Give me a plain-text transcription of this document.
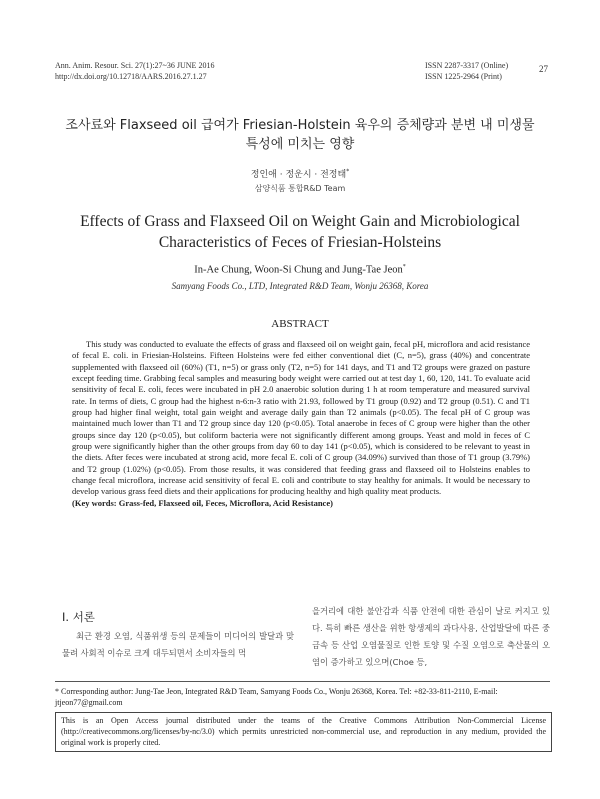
Ann. Anim. Resour. Sci. 27(1):27~36 JUNE 2016
http://dx.doi.org/10.12718/AARS.2016.27.1.27
ISSN 2287-3317 (Online)
ISSN 1225-2964 (Print)
27
조사료와 Flaxseed oil 급여가 Friesian-Holstein 육우의 증체량과 분변 내 미생물
특성에 미치는 영향
정인애 · 정운시 · 전정태*
삼양식품 통합R&D Team
Effects of Grass and Flaxseed Oil on Weight Gain and Microbiological
Characteristics of Feces of Friesian-Holsteins
In-Ae Chung, Woon-Si Chung and Jung-Tae Jeon*
Samyang Foods Co., LTD, Integrated R&D Team, Wonju 26368, Korea
ABSTRACT

This study was conducted to evaluate the effects of grass and flaxseed oil on weight gain, fecal pH, microflora and acid resistance of fecal E. coli. in Friesian-Holsteins. Fifteen Holsteins were fed either conventional diet (C, n=5), grass (40%) and concentrate supplemented with flaxseed oil (60%) (T1, n=5) or grass only (T2, n=5) for 141 days, and T1 and T2 groups were grazed on pasture except feeding time. Grabbing fecal samples and measuring body weight were carried out at test day 1, 60, 120, 141. To evaluate acid sensitivity of fecal E. coli, feces were incubated in pH 2.0 anaerobic solution during 1 h at room temperature and measured survival rate. In terms of diets, C group had the highest n-6:n-3 ratio with 21.93, followed by T1 group (0.92) and T2 group (0.51). C and T1 group had higher final weight, total gain weight and average daily gain than T2 animals (p<0.05). The fecal pH of C group was maintained much lower than T1 and T2 group since day 120 (p<0.05). Total anaerobe in feces of C group were higher than the other groups since day 120 (p<0.05), but coliform bacteria were not significantly different among groups. Yeast and mold in feces of C group were significantly higher than the other groups from day 60 to day 141 (p<0.05), which is considered to be relevant to yeast in the diets. After feces were incubated at strong acid, more fecal E. coli of C group (34.09%) survived than those of T1 group (3.79%) and T2 group (1.02%) (p<0.05). From those results, it was considered that feeding grass and flaxseed oil to Holsteins enables to change fecal microflora, increase acid sensitivity of fecal E. coli and contribute to stay healthy for animals. It would be necessary to develop various grass feed diets and their applications for producing healthy and high quality meat products.

(Key words: Grass-fed, Flaxseed oil, Feces, Microflora, Acid Resistance)

Ⅰ. 서론

최근 환경 오염, 식품위생 등의 문제들이 미디어의 발달과 맞물려 사회적 이슈로 크게 대두되면서 소비자들의 먹

을거리에 대한 불안감과 식품 안전에 대한 관심이 날로 커지고 있다. 특히 빠른 생산을 위한 항생제의 과다사용, 산업발달에 따른 중금속 등 산업 오염물질로 인한 토양 및 수질 오염으로 축산물의 오염이 증가하고 있으며(Choe 등,

* Corresponding author: Jung-Tae Jeon, Integrated R&D Team, Samyang Foods Co., Wonju 26368, Korea. Tel: +82-33-811-2110, E-mail: jtjeon77@gmail.com
This is an Open Access journal distributed under the teams of the Creative Commons Attribution Non-Commercial License (http://creativecommons.org/licenses/by-nc/3.0) which permits unrestricted non-commercial use, and reproduction in any medium, provided the original work is properly cited.
